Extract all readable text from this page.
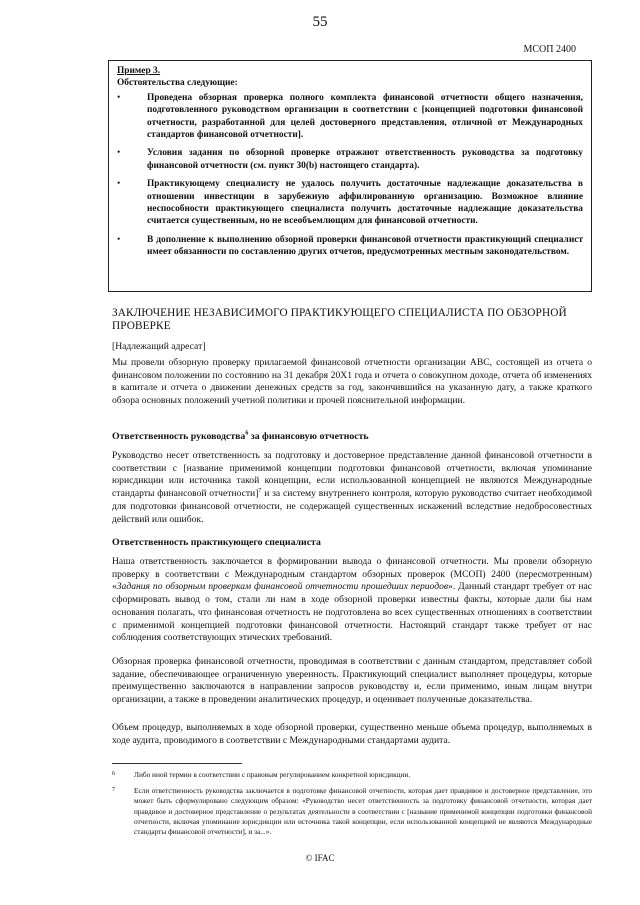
55
МСОП 2400
Пример 3.
Обстоятельства следующие:
•	Проведена обзорная проверка полного комплекта финансовой отчетности общего назначения, подготовленного руководством организации в соответствии с [концепцией подготовки финансовой отчетности, разработанной для целей достоверного представления, отличной от Международных стандартов финансовой отчетности].
•	Условия задания по обзорной проверке отражают ответственность руководства за подготовку финансовой отчетности (см. пункт 30(b) настоящего стандарта).
•	Практикующему специалисту не удалось получить достаточные надлежащие доказательства в отношении инвестиции в зарубежную аффилированную организацию. Возможное влияние неспособности практикующего специалиста получить достаточные надлежащие доказательства считается существенным, но не всеобъемлющим для финансовой отчетности.
•	В дополнение к выполнению обзорной проверки финансовой отчетности практикующий специалист имеет обязанности по составлению других отчетов, предусмотренных местным законодательством.
ЗАКЛЮЧЕНИЕ НЕЗАВИСИМОГО ПРАКТИКУЮЩЕГО СПЕЦИАЛИСТА ПО ОБЗОРНОЙ ПРОВЕРКЕ
[Надлежащий адресат]

Мы провели обзорную проверку прилагаемой финансовой отчетности организации ABC, состоящей из отчета о финансовом положении по состоянию на 31 декабря 20X1 года и отчета о совокупном доходе, отчета об изменениях в капитале и отчета о движении денежных средств за год, закончившийся на указанную дату, а также краткого обзора основных положений учетной политики и прочей пояснительной информации.

Ответственность руководства$^6$ за финансовую отчетность

Руководство несет ответственность за подготовку и достоверное представление данной финансовой отчетности в соответствии с [название применимой концепции подготовки финансовой отчетности, включая упоминание юрисдикции или источника такой концепции, если использованной концепцией не являются Международные стандарты финансовой отчетности]$^7$ и за систему внутреннего контроля, которую руководство считает необходимой для подготовки финансовой отчетности, не содержащей существенных искажений вследствие недобросовестных действий или ошибок.

Ответственность практикующего специалиста

Наша ответственность заключается в формировании вывода о финансовой отчетности. Мы провели обзорную проверку в соответствии с Международным стандартом обзорных проверок (МСОП) 2400 (пересмотренным) «Задания по обзорным проверкам финансовой отчетности прошедших периодов». Данный стандарт требует от нас сформировать вывод о том, стали ли нам в ходе обзорной проверки известны факты, которые дали бы нам основания полагать, что финансовая отчетность не подготовлена во всех существенных отношениях в соответствии с применимой концепцией подготовки финансовой отчетности. Настоящий стандарт также требует от нас соблюдения соответствующих этических требований.

Обзорная проверка финансовой отчетности, проводимая в соответствии с данным стандартом, представляет собой задание, обеспечивающее ограниченную уверенность. Практикующий специалист выполняет процедуры, которые преимущественно заключаются в направлении запросов руководству и, если применимо, иным лицам внутри организации, а также в проведении аналитических процедур, и оценивает полученные доказательства.

Объем процедур, выполняемых в ходе обзорной проверки, существенно меньше объема процедур, выполняемых в ходе аудита, проводимого в соответствии с Международными стандартами аудита.

6	Либо иной термин в соответствии с правовым регулированием конкретной юрисдикции.
7	Если ответственность руководства заключается в подготовке финансовой отчетности, которая дает правдивое и достоверное представление, это может быть сформулировано следующим образом: «Руководство несет ответственность за подготовку финансовой отчетности, которая дает правдивое и достоверное представление о результатах деятельности в соответствии с [название применимой концепции подготовки финансовой отчетности, включая упоминание юрисдикции или источника такой концепции, если использованной концепцией не являются Международные стандарты финансовой отчетности], и за...».
© IFAC
